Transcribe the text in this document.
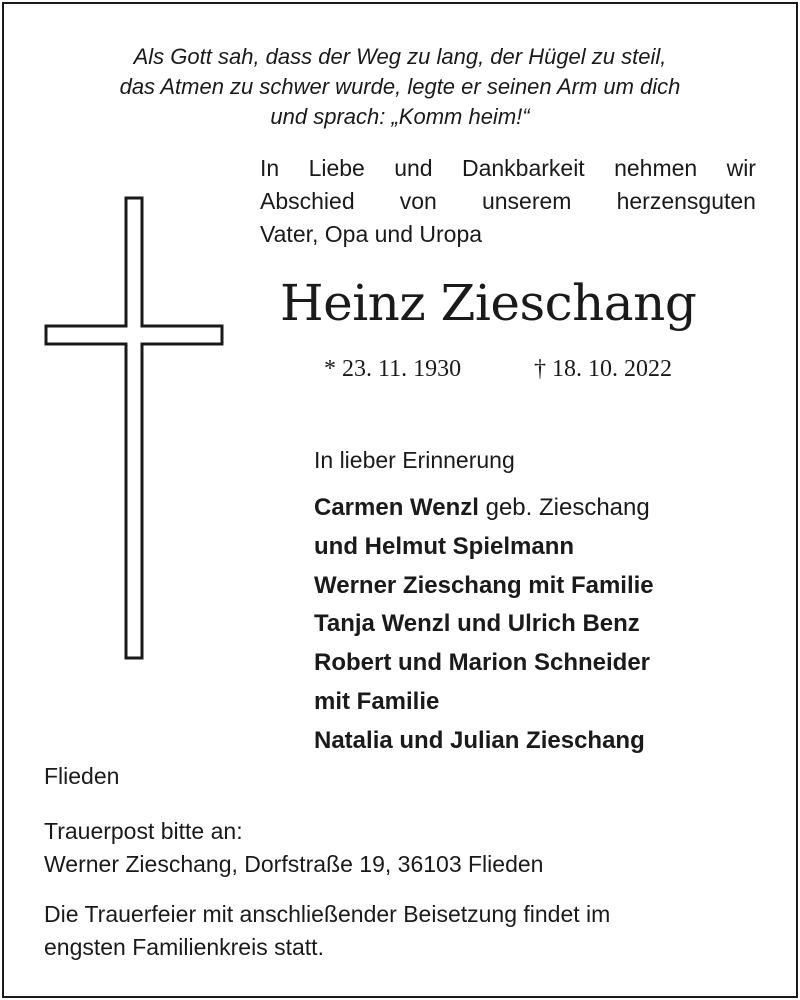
Als Gott sah, dass der Weg zu lang, der Hügel zu steil,
das Atmen zu schwer wurde, legte er seinen Arm um dich
und sprach: „Komm heim!“
In Liebe und Dankbarkeit nehmen wir
Abschied von unserem herzensguten
Vater, Opa und Uropa
Heinz Zieschang
* 23. 11. 1930	† 18. 10. 2022
In lieber Erinnerung
Carmen Wenzl geb. Zieschang
und Helmut Spielmann
Werner Zieschang mit Familie
Tanja Wenzl und Ulrich Benz
Robert und Marion Schneider
mit Familie
Natalia und Julian Zieschang
Flieden
Trauerpost bitte an:
Werner Zieschang, Dorfstraße 19, 36103 Flieden
Die Trauerfeier mit anschließender Beisetzung findet im
engsten Familienkreis statt.
